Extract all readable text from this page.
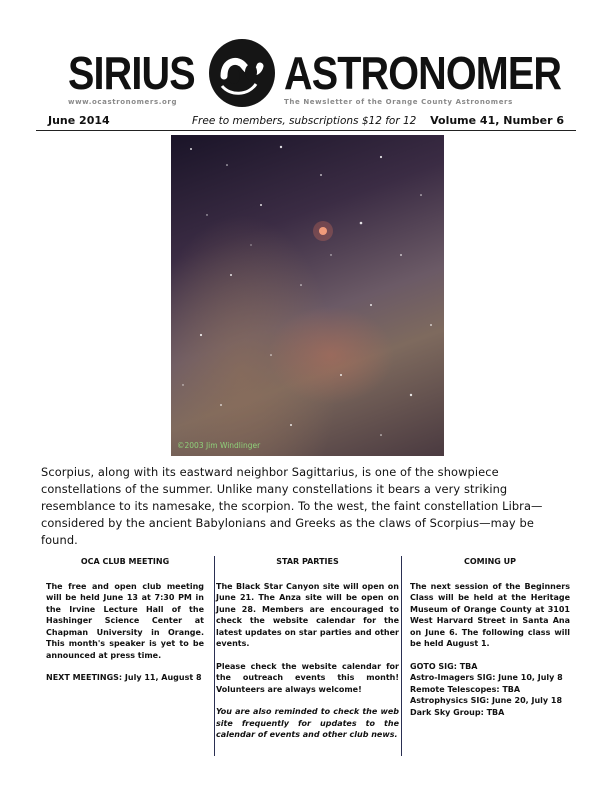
SIRIUS ASTRONOMER
www.ocastronomers.org	The Newsletter of the Orange County Astronomers
June 2014	Free to members, subscriptions $12 for 12 Volume 41, Number 6
©2003 Jim Windlinger
Scorpius, along with its eastward neighbor Sagittarius, is one of the showpiece constellations of the summer. Unlike many constellations it bears a very striking resemblance to its namesake, the scorpion. To the west, the faint constellation Libra—considered by the ancient Babylonians and Greeks as the claws of Scorpius—may be found.
OCA CLUB MEETING

The free and open club meeting will be held June 13 at 7:30 PM in the Irvine Lecture Hall of the Hashinger Science Center at Chapman University in Orange. This month's speaker is yet to be announced at press time.

NEXT MEETINGS: July 11, August 8

STAR PARTIES

The Black Star Canyon site will open on June 21. The Anza site will be open on June 28. Members are encouraged to check the website calendar for the latest updates on star parties and other events.

Please check the website calendar for the outreach events this month! Volunteers are always welcome!

You are also reminded to check the web site frequently for updates to the calendar of events and other club news.

COMING UP

The next session of the Beginners Class will be held at the Heritage Museum of Orange County at 3101 West Harvard Street in Santa Ana on June 6. The following class will be held August 1.

GOTO SIG: TBA
Astro-Imagers SIG: June 10, July 8
Remote Telescopes: TBA
Astrophysics SIG: June 20, July 18
Dark Sky Group: TBA
